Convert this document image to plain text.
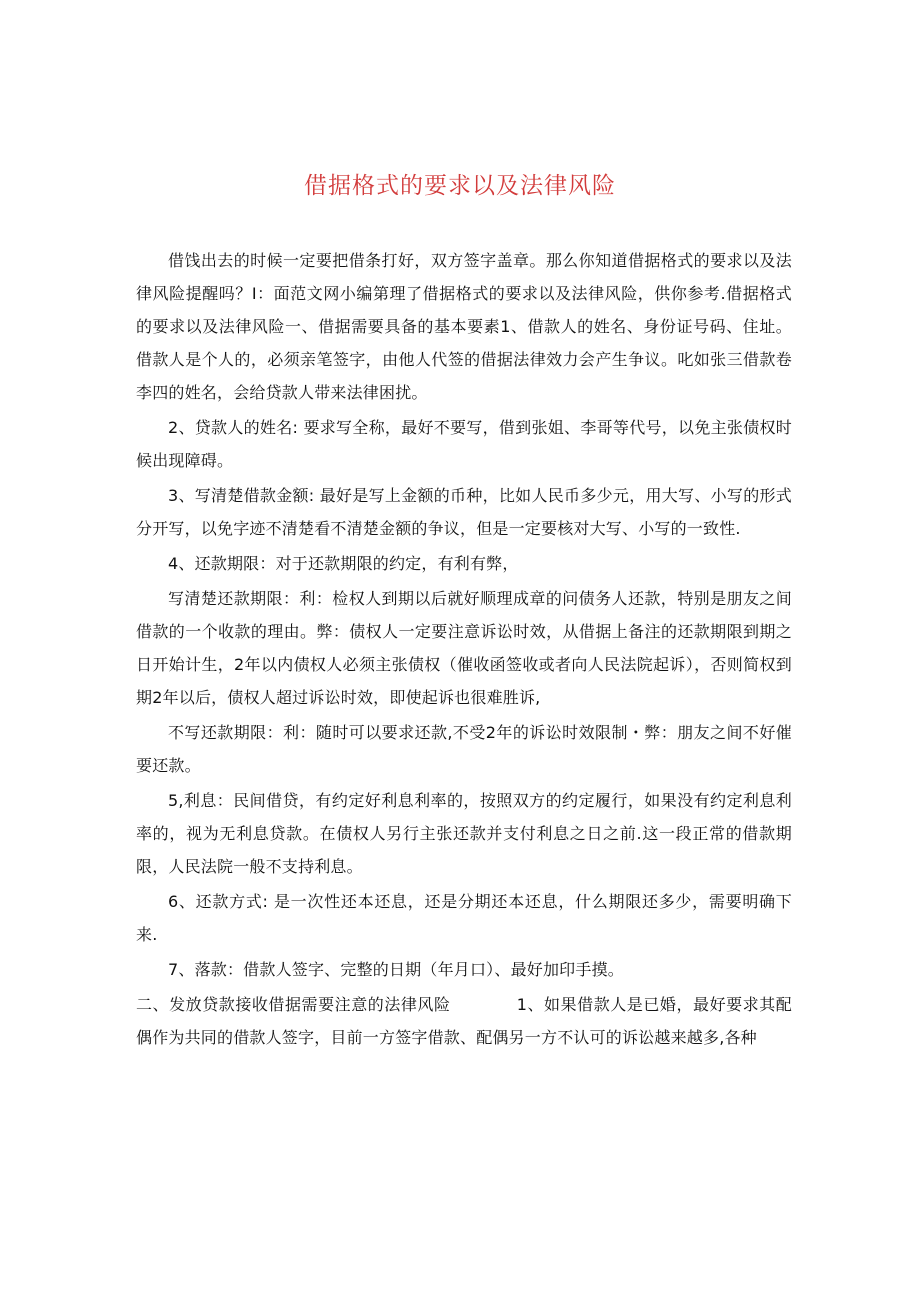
借据格式的要求以及法律风险

借饯出去的时候一定要把借条打好，双方签字盖章。那么你知道借据格式的要求以及法律风险提醒吗？I：面范文网小编第理了借据格式的要求以及法律风险，供你参考.借据格式的要求以及法律风险一、借据需要具备的基本要素1、借款人的姓名、身份证号码、住址。借款人是个人的，必须亲笔签字，由他人代签的借据法律效力会产生争议。叱如张三借款卷李四的姓名，会给贷款人带来法律困扰。

2、贷款人的姓名: 要求写全称，最好不要写，借到张姐、李哥等代号，以免主张债权时候出现障碍。

3、写清楚借款金额: 最好是写上金额的币种，比如人民币多少元，用大写、小写的形式分开写，以免字迹不清楚看不清楚金额的争议，但是一定要核对大写、小写的一致性.

4、还款期限：对于还款期限的约定，有利有弊，

写清楚还款期限：利：检权人到期以后就好顺理成章的问债务人还款，特别是朋友之间借款的一个收款的理由。弊：债权人一定要注意诉讼时效，从借据上备注的还款期限到期之日开始计生，2年以内债权人必须主张债权（催收函签收或者向人民法院起诉），否则简权到期2年以后，债权人超过诉讼时效，即使起诉也很难胜诉,

不写还款期限：利：随时可以要求还款,不受2年的诉讼时效限制・弊：朋友之间不好催要还款。

5,利息：民间借贷，有约定好利息利率的，按照双方的约定履行，如果没有约定利息利率的，视为无利息贷款。在债权人另行主张还款并支付利息之日之前.这一段正常的借款期限，人民法院一般不支持利息。

6、还款方式: 是一次性还本还息，还是分期还本还息，什么期限还多少，需要明确下来.

7、落款：借款人签字、完整的日期（年月口）、最好加印手摸。

二、发放贷款接收借据需要注意的法律风险　　　　1、如果借款人是已婚，最好要求其配偶作为共同的借款人签字，目前一方签字借款、配偶另一方不认可的诉讼越来越多,各种
